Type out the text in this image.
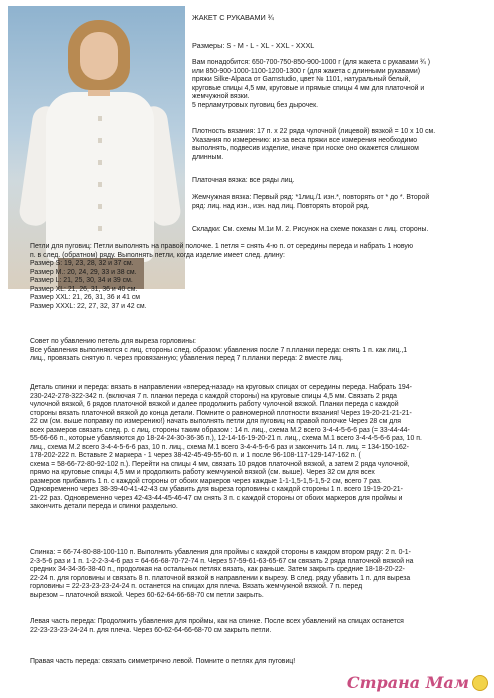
ЖАКЕТ С РУКАВАМИ ¾

Размеры: S - M - L - XL - XXL - XXXL

Вам понадобится: 650-700-750-850-900-1000 г (для жакета с рукавами ¾ )
или 850-900-1000-1100-1200-1300 г (для жакета с длинными рукавами)
пряжи Silke-Alpaca от Garnstudio, цвет № 1101, натуральный белый,
круговые спицы 4,5 мм, круговые и прямые спицы 4 мм для платочной и
жемчужной вязки.
5 перламутровых пуговиц без дырочек.

Плотность вязания: 17 п. х 22 ряда чулочной (лицевой) вязкой = 10 х 10 см.
Указания по измерению: из-за веса пряжи все измерения необходимо
выполнять, подвесив изделие, иначе при носке оно окажется слишком
длинным.

Платочная вязка: все ряды лиц.

Жемчужная вязка: Первый ряд: *1лиц./1 изн.*, повторять от * до *. Второй
ряд: лиц. над изн., изн. над лиц. Повторять второй ряд.

Складки: См. схемы М.1и М. 2. Рисунок на схеме показан с лиц. стороны.

Петли для пуговиц: Петли выполнять на правой полочке. 1 петля = снять 4-ю п. от середины переда и набрать 1 новую
п. в след. (обратном) ряду. Выполнять петли, когда изделие имеет след. длину:
Размер S: 19, 23, 28, 32 и 37 см.
Размер М.: 20, 24, 29, 33 и 38 см.
Размер L: 21, 25, 30, 34 и 39 см.
Размер XL: 21, 26, 31, 36 и 40 см.
Размер XXL: 21, 26, 31, 36 и 41 см
Размер XXXL: 22, 27, 32, 37 и 42 см.

Совет по убавлению петель для выреза горловины:
Все убавления выполняются с лиц. стороны след. образом: убавления после 7 п.планки переда: снять 1 п. как лиц.,1
лиц., провязать снятую п. через провязанную; убавления перед 7 п.планки переда: 2 вместе лиц.

Деталь спинки и переда: вязать в направлении «вперед-назад» на круговых спицах от середины переда. Набрать 194-
230-242-278-322-342 п. (включая 7 п. планки переда с каждой стороны) на круговые спицы 4,5 мм. Связать 2 ряда
чулочной вязкой, 6 рядов платочной вязкой и далее продолжить работу чулочной вязкой. Планки переда с каждой
стороны вязать платочной вязкой до конца детали. Помните о равномерной плотности вязания! Через 19-20-21-21-21-
22 см (см. выше поправку по измерению!) начать выполнять петли для пуговиц на правой полочке Через 28 см для
всех размеров связать след. р. с лиц. стороны таким образом : 14 п. лиц., схема М.2 всего 3-4-4-5-6-6 раз (= 33-44-44-
55-66-66 п., которые убавляются до 18-24-24-30-36-36 п.), 12-14-16-19-20-21 п. лиц., схема М.1 всего 3-4-4-5-6-6 раз, 10 п.
лиц., схема М.2 всего 3-4-4-5-6-6 раз, 10 п. лиц., схема М.1 всего 3-4-4-5-6-6 раз и закончить 14 п. лиц. = 134-150-162-
178-202-222 п. Вставьте 2 маркера - 1 через 38-42-45-49-55-60 п. и 1 после 96-108-117-129-147-162 п. (
схема = 58-66-72-80-92-102 п.). Перейти на спицы 4 мм, связать 10 рядов платочной вязкой, а затем 2 ряда чулочной,
прямо на круговые спицы 4,5 мм и продолжить работу жемчужной вязкой (см. выше). Через 32 см для всех
размеров прибавить 1 п. с каждой стороны от обоих маркеров через каждые 1-1-1,5-1,5-1,5-2 см, всего 7 раз.
Одновременно через 38-39-40-41-42-43 см убавить для выреза горловины с каждой стороны 1 п. всего 19-19-20-21-
21-22 раз. Одновременно через 42-43-44-45-46-47 см снять 3 п. с каждой стороны от обоих маркеров для проймы и
закончить детали переда и спинки раздельно.

Спинка: = 66-74-80-88-100-110 п. Выполнить убавления для проймы с каждой стороны в каждом втором ряду: 2 п. 0-1-
2-3-5-6 раз и 1 п. 1-2-2-3-4-6 раз = 64-66-68-70-72-74 п. Через 57-59-61-63-65-67 см связать 2 ряда платочной вязкой на
средних 34-34-36-38-40 п., продолжая на остальных петлях вязать, как раньше. Затем закрыть средние 18-18-20-22-
22-24 п. для горловины и связать 8 п. платочной вязкой в направлении к вырезу. В след. ряду убавить 1 п. для выреза
горловины = 22-23-23-23-24-24 п. останется на спицах для плеча. Вязать жемчужной вязкой. 7 п. перед
вырезом – платочной вязкой. Через 60-62-64-66-68-70 см петли закрыть.

Левая часть переда: Продолжить убавления для проймы, как на спинке. После всех убавлений на спицах останется
22-23-23-23-24-24 п. для плеча. Через 60-62-64-66-68-70 см закрыть петли.

Правая часть переда: связать симметрично левой. Помните о петлях для пуговиц!

Страна Мам
